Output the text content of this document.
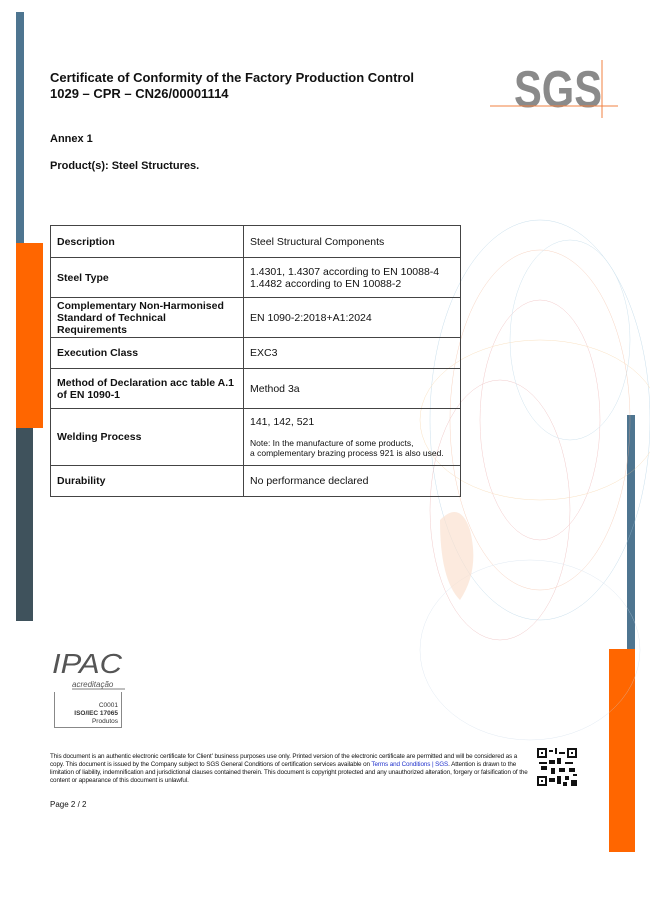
Certificate of Conformity of the Factory Production Control
1029 – CPR – CN26/00001114	SGS
Annex 1
Product(s): Steel Structures.
Description	Steel Structural Components
Steel Type	1.4301, 1.4307 according to EN 10088-4
1.4482 according to EN 10088-2

Complementary Non-Harmonised
Standard of Technical Requirements	EN 1090-2:2018+A1:2024
Execution Class	EXC3

Method of Declaration acc table A.1
of EN 1090-1	Method 3a
Welding Process	141, 142, 521
Note: In the manufacture of some products,
a complementary brazing process 921 is also used.

Durability	No performance declared
IPAC
acreditação
C0001
ISO/IEC 17065
Produtos
This document is an authentic electronic certificate for Client' business purposes use only. Printed version of the electronic certificate are permitted and will be considered as a copy. This document is issued by the Company subject to SGS General Conditions of certification services available on Terms and Conditions | SGS. Attention is drawn to the limitation of liability, indemnification and jurisdictional clauses contained therein. This document is copyright protected and any unauthorized alteration, forgery or falsification of the content or appearance of this document is unlawful.
Page 2 / 2
